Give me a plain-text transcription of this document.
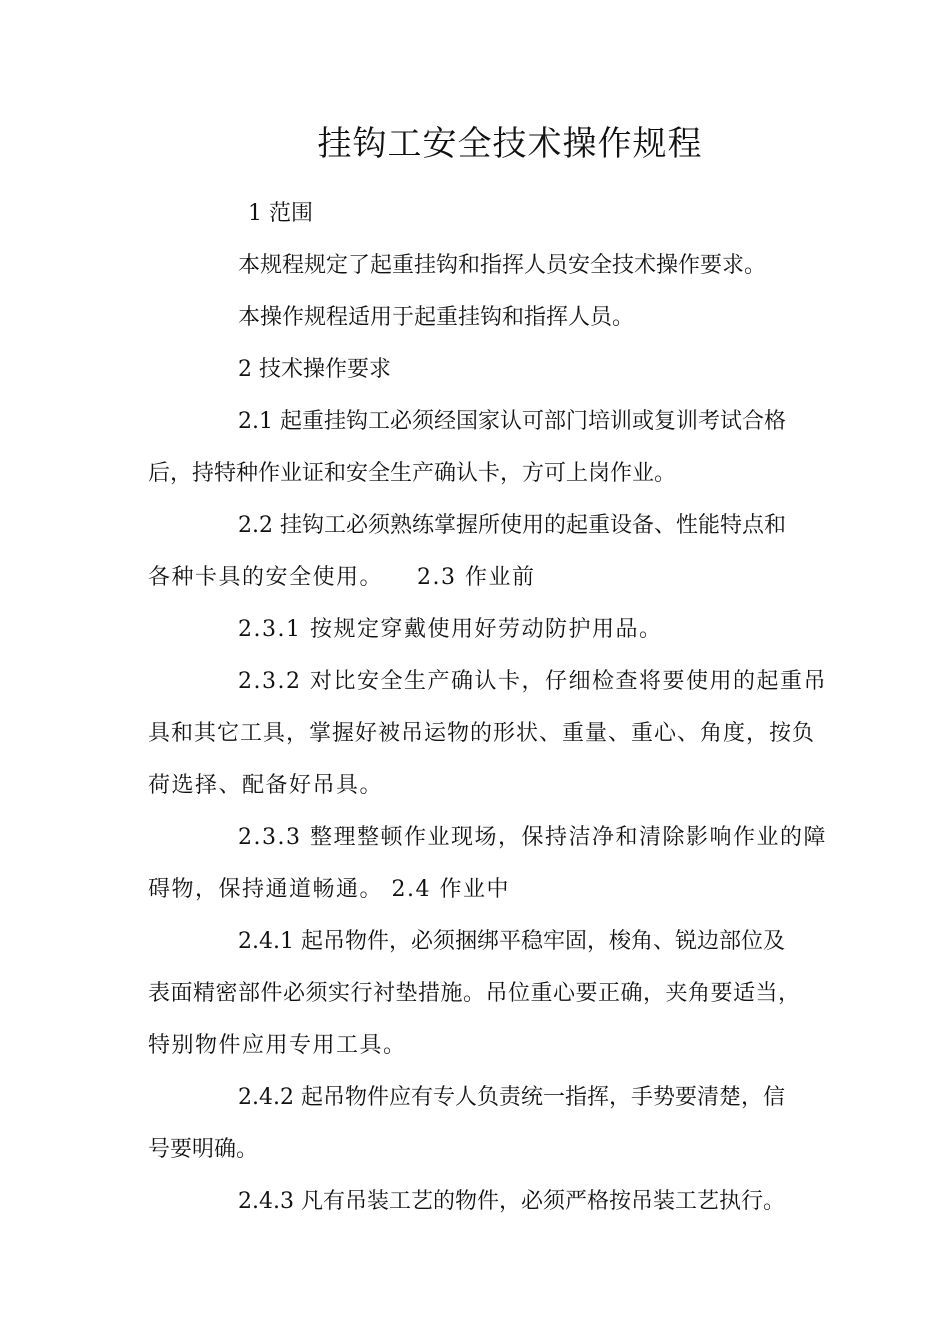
挂钩工安全技术操作规程
1 范围
本规程规定了起重挂钩和指挥人员安全技术操作要求。
本操作规程适用于起重挂钩和指挥人员。
2 技术操作要求
2.1 起重挂钩工必须经国家认可部门培训或复训考试合格
后，持特种作业证和安全生产确认卡，方可上岗作业。
2.2 挂钩工必须熟练掌握所使用的起重设备、性能特点和
各种卡具的安全使用。    2.3 作业前
2.3.1 按规定穿戴使用好劳动防护用品。
2.3.2 对比安全生产确认卡，仔细检查将要使用的起重吊
具和其它工具，掌握好被吊运物的形状、重量、重心、角度，按负
荷选择、配备好吊具。
2.3.3 整理整顿作业现场，保持洁净和清除影响作业的障
碍物，保持通道畅通。 2.4 作业中
2.4.1 起吊物件，必须捆绑平稳牢固，梭角、锐边部位及
表面精密部件必须实行衬垫措施。吊位重心要正确，夹角要适当，
特别物件应用专用工具。
2.4.2 起吊物件应有专人负责统一指挥，手势要清楚，信
号要明确。
2.4.3 凡有吊装工艺的物件，必须严格按吊装工艺执行。
